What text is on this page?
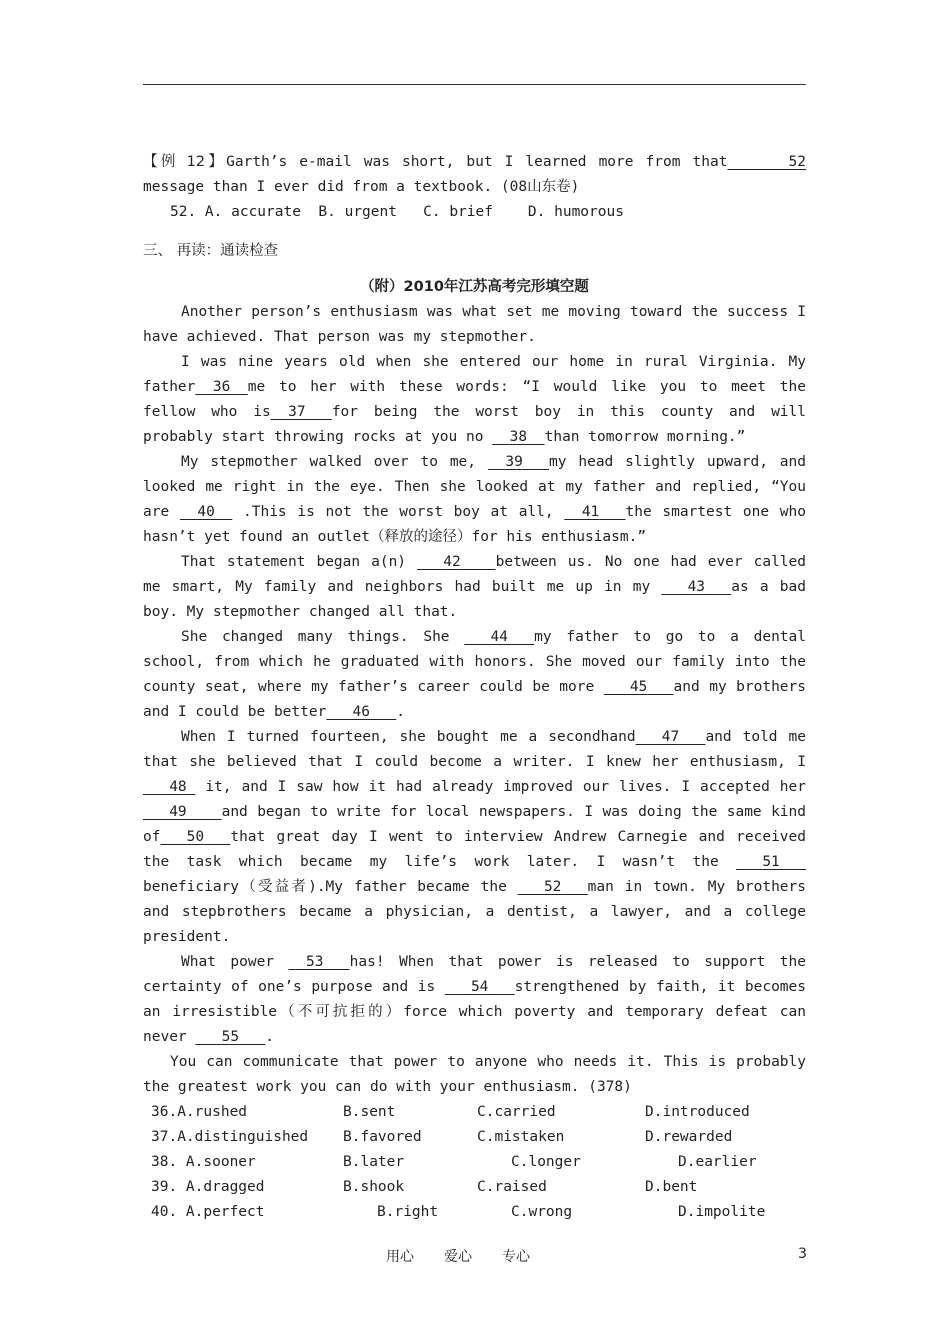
【例 12】Garth’s e-mail was short, but I learned more from that	52 message than I ever did from a textbook. (08山东卷)
52. A. accurate  B. urgent   C. brief    D. humorous
三、 再读：通读检查
（附）2010年江苏高考完形填空题
Another person’s enthusiasm was what set me moving toward the success I have achieved. That person was my stepmother.
I was nine years old when she entered our home in rural Virginia. My father 36 me to her with these words: “I would like you to meet the fellow who is 37 for being the worst boy in this county and will probably start throwing rocks at you no   38 than tomorrow morning.”
My stepmother walked over to me,   39 my head slightly upward, and looked me right in the eye. Then she looked at my father and replied, “You are   40   .This is not the worst boy at all,   41 the smartest one who hasn’t yet found an outlet（释放的途径）for his enthusiasm.”
That statement began a(n)    42 between us. No one had ever called me smart, My family and neighbors had built me up in my    43 as a bad boy. My stepmother changed all that.
She changed many things. She    44 my father to go to a dental school, from which he graduated with honors. She moved our family into the county seat, where my father’s career could be more    45 and my brothers and I could be better 46 .
When I turned fourteen, she bought me a secondhand 47 and told me that she believed that I could become a writer. I knew her enthusiasm, I   48  it, and I saw how it had already improved our lives. I accepted her    49 and began to write for local newspapers. I was doing the same kind of 50 that great day I went to interview Andrew Carnegie and received the task which became my life’s work later. I wasn’t the    51   beneficiary（受益者).My father became the    52 man in town. My brothers and stepbrothers became a physician, a dentist, a lawyer, and a college president.
What power   53 has! When that power is released to support the certainty of one’s purpose and is    54 strengthened by faith, it becomes an irresistible（不可抗拒的）force which poverty and temporary defeat can never    55 .
You can communicate that power to anyone who needs it. This is probably the greatest work you can do with your enthusiasm. (378)
36.A.rushed	B.sent	C.carried	D.introduced
37.A.distinguished	B.favored	C.mistaken	D.rewarded
38. A.sooner	B.later	C.longer	D.earlier
39. A.dragged	B.shook	C.raised	D.bent
40. A.perfect	B.right	C.wrong	D.impolite
用心 爱心 专心	3
